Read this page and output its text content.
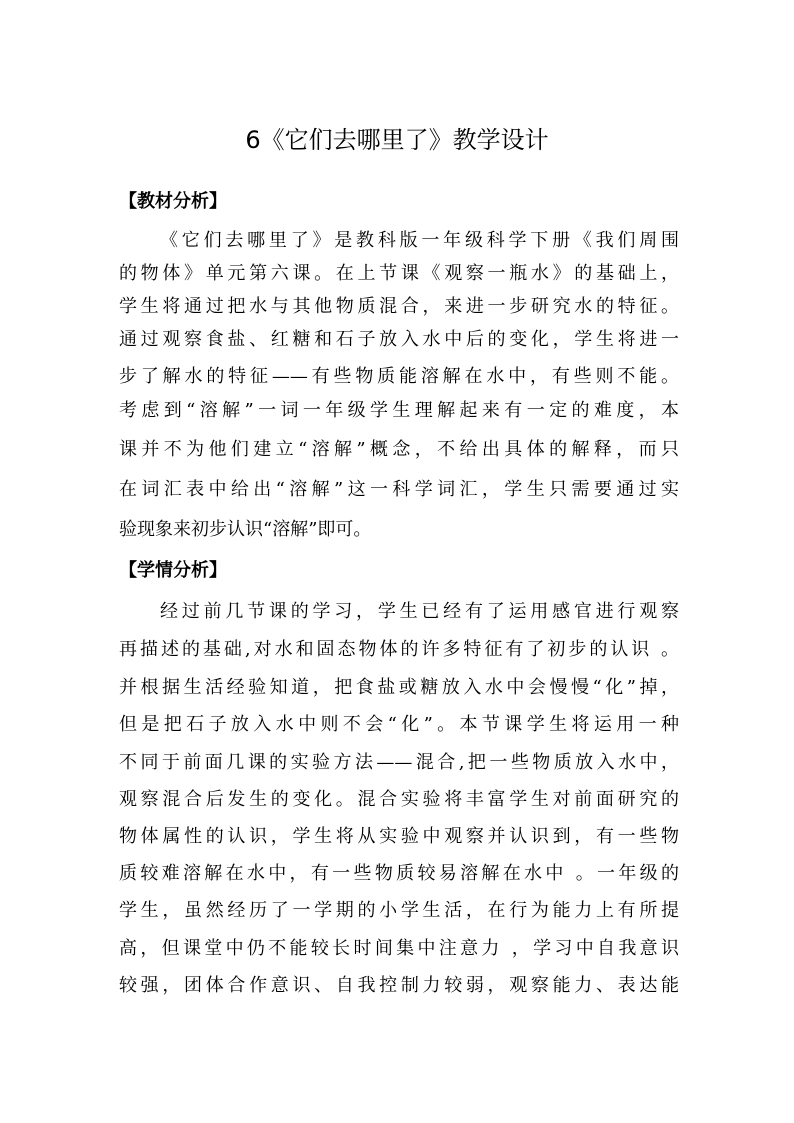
6《它们去哪里了》教学设计
【教材分析】
《它们去哪里了》是教科版一年级科学下册《我们周围
的物体》单元第六课。在上节课《观察一瓶水》的基础上，
学生将通过把水与其他物质混合，来进一步研究水的特征。
通过观察食盐、红糖和石子放入水中后的变化，学生将进一
步了解水的特征——有些物质能溶解在水中，有些则不能。
考虑到“溶解”一词一年级学生理解起来有一定的难度，本
课并不为他们建立“溶解”概念，不给出具体的解释，而只
在词汇表中给出“溶解”这一科学词汇，学生只需要通过实
验现象来初步认识“溶解”即可。
【学情分析】
经过前几节课的学习，学生已经有了运用感官进行观察
再描述的基础,对水和固态物体的许多特征有了初步的认识 。
并根据生活经验知道，把食盐或糖放入水中会慢慢“化”掉，
但是把石子放入水中则不会“化”。本节课学生将运用一种
不同于前面几课的实验方法——混合,把一些物质放入水中，
观察混合后发生的变化。混合实验将丰富学生对前面研究的
物体属性的认识，学生将从实验中观察并认识到，有一些物
质较难溶解在水中，有一些物质较易溶解在水中 。一年级的
学生，虽然经历了一学期的小学生活，在行为能力上有所提
高，但课堂中仍不能较长时间集中注意力 ，学习中自我意识
较强，团体合作意识、自我控制力较弱，观察能力、表达能
